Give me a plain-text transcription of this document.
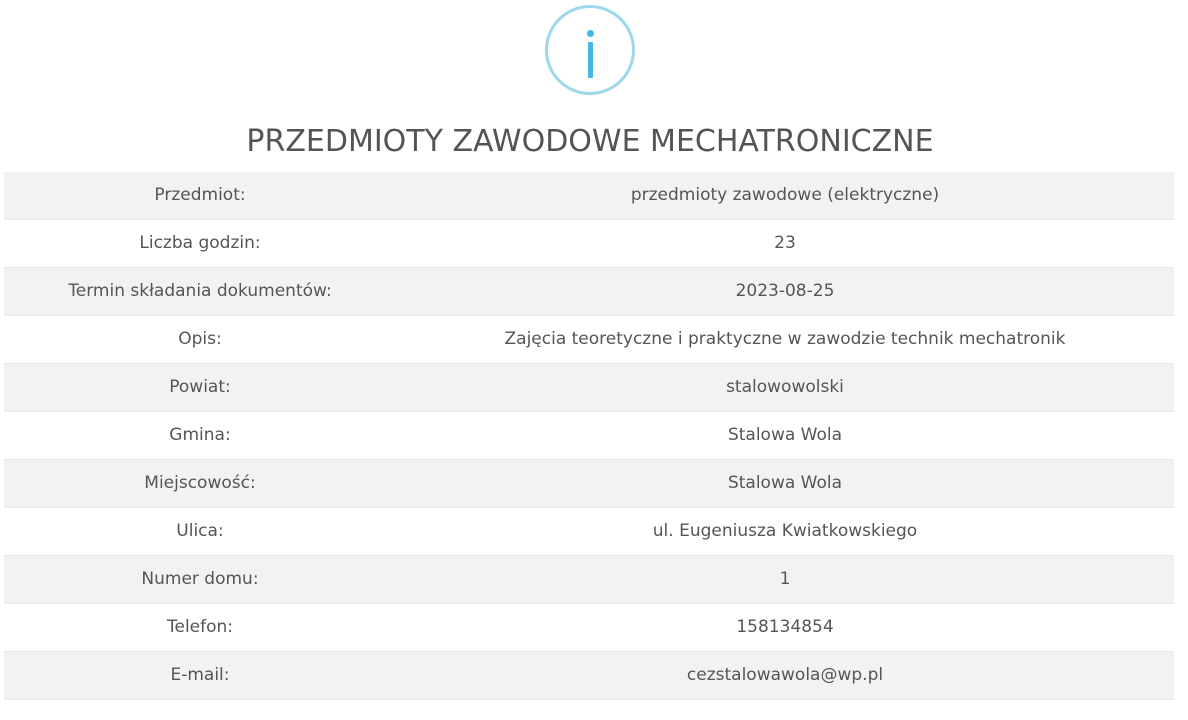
PRZEDMIOTY ZAWODOWE MECHATRONICZNE
Przedmiot:	przedmioty zawodowe (elektryczne)
Liczba godzin:	23
Termin składania dokumentów:	2023-08-25
Opis:	Zajęcia teoretyczne i praktyczne w zawodzie technik mechatronik
Powiat:	stalowowolski
Gmina:	Stalowa Wola
Miejscowość:	Stalowa Wola
Ulica:	ul. Eugeniusza Kwiatkowskiego
Numer domu:	1
Telefon:	158134854
E-mail:	cezstalowawola@wp.pl
